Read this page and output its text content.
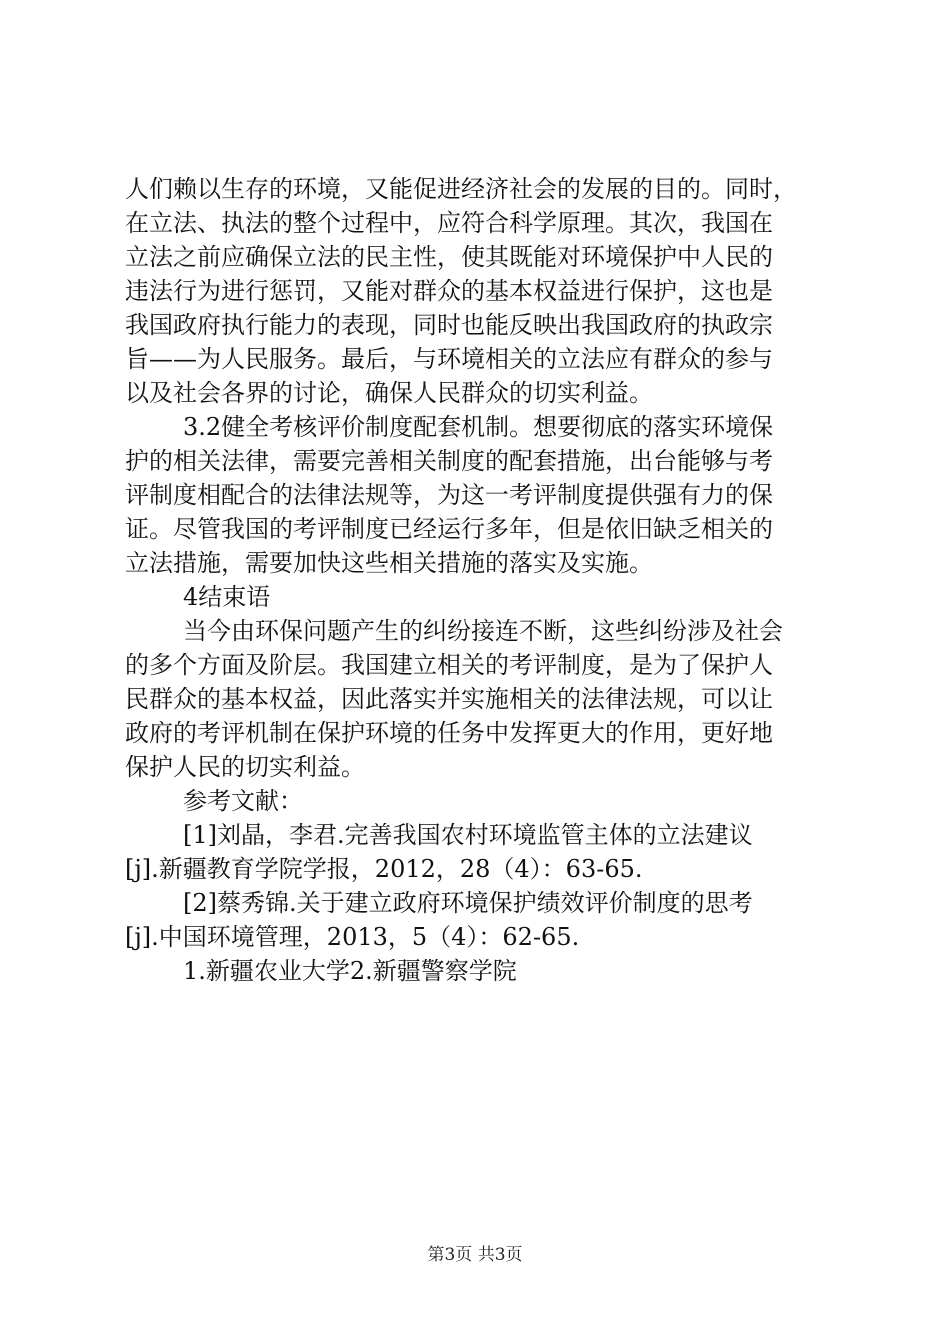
人们赖以生存的环境，又能促进经济社会的发展的目的。同时，
在立法、执法的整个过程中，应符合科学原理。其次，我国在
立法之前应确保立法的民主性，使其既能对环境保护中人民的
违法行为进行惩罚，又能对群众的基本权益进行保护，这也是
我国政府执行能力的表现，同时也能反映出我国政府的执政宗
旨——为人民服务。最后，与环境相关的立法应有群众的参与
以及社会各界的讨论，确保人民群众的切实利益。
3.2健全考核评价制度配套机制。想要彻底的落实环境保
护的相关法律，需要完善相关制度的配套措施，出台能够与考
评制度相配合的法律法规等，为这一考评制度提供强有力的保
证。尽管我国的考评制度已经运行多年，但是依旧缺乏相关的
立法措施，需要加快这些相关措施的落实及实施。
4结束语
当今由环保问题产生的纠纷接连不断，这些纠纷涉及社会
的多个方面及阶层。我国建立相关的考评制度，是为了保护人
民群众的基本权益，因此落实并实施相关的法律法规，可以让
政府的考评机制在保护环境的任务中发挥更大的作用，更好地
保护人民的切实利益。
参考文献：
[1]刘晶，李君.完善我国农村环境监管主体的立法建议
[j].新疆教育学院学报，2012，28（4）：63-65.
[2]蔡秀锦.关于建立政府环境保护绩效评价制度的思考
[j].中国环境管理，2013，5（4）：62-65.
1.新疆农业大学2.新疆警察学院
第3页 共3页
